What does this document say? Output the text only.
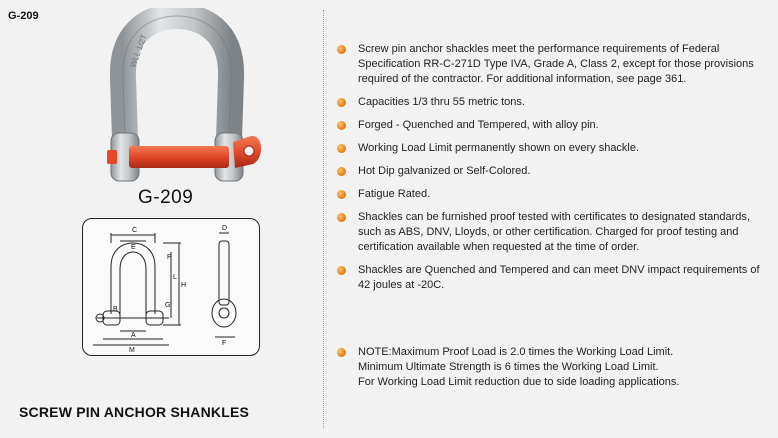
G-209
WLL 1/2T
G-209
C
E
P
L
H
G
B
A
M
D
F
SCREW PIN ANCHOR SHANKLES
Screw pin anchor shackles meet the performance requirements of Federal Specification RR-C-271D Type IVA, Grade A, Class 2, except for those provisions required of the contractor. For additional information, see page 361.
Capacities 1/3 thru 55 metric tons.
Forged - Quenched and Tempered, with alloy pin.
Working Load Limit permanently shown on every shackle.
Hot Dip galvanized or Self-Colored.
Fatigue Rated.
Shackles can be furnished proof tested with certificates to designated standards, such as ABS, DNV, Lloyds, or other certification. Charged for proof testing and certification available when requested at the time of order.
Shackles are Quenched and Tempered and can meet DNV impact requirements of 42 joules at -20C.
NOTE:Maximum Proof Load is 2.0 times the Working Load Limit.
Minimum Ultimate Strength is 6 times the Working Load Limit.
For Working Load Limit reduction due to side loading applications.
